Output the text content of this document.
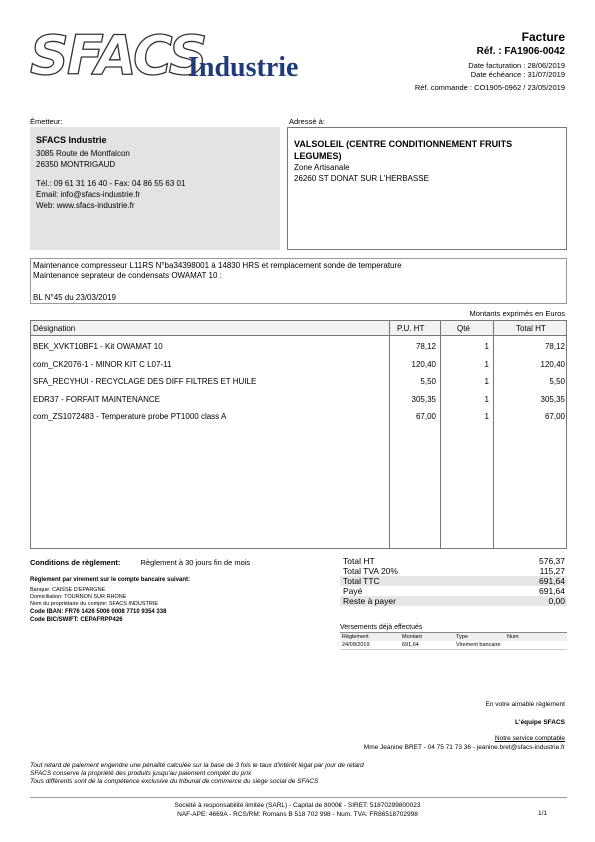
SFACS
Industrie
Facture
Réf. : FA1906-0042
Date facturation : 28/06/2019
Date échéance : 31/07/2019
Réf. commande : CO1905-0962 / 23/05/2019
Émetteur:	Adressé à:
SFACS Industrie
3085 Route de Montfalcon
26350 MONTRIGAUD
Tél.: 09 61 31 16 40 - Fax: 04 86 55 63 01
Email: info@sfacs-industrie.fr
Web: www.sfacs-industrie.fr
VALSOLEIL (CENTRE CONDITIONNEMENT FRUITS
LEGUMES)
Zone Artisanale
26260 ST DONAT SUR L'HERBASSE
Maintenance compresseur L11RS N°ba34398001 à 14830 HRS et remplacement sonde de temperature
Maintenance seprateur de condensats OWAMAT 10 :
BL N°45 du 23/03/2019
Montants exprimés en Euros
Désignation	P.U. HT	Qté	Total HT
BEK_XVKT10BF1 - Kit OWAMAT 10	78,12	1	78,12
com_CK2076-1 - MINOR KIT C L07-11	120,40	1	120,40
SFA_RECYHUI - RECYCLAGE DES DIFF FILTRES ET HUILE	5,50	1	5,50
EDR37 - FORFAIT MAINTENANCE	305,35	1	305,35
com_ZS1072483 - Temperature probe PT1000 class A	67,00	1	67,00
Conditions de règlement:	Règlement à 30 jours fin de mois
Règlement par virement sur le compte bancaire suivant:
Banque: CAISSE D'EPARGNE
Domiciliation: TOURNON SUR RHONE
Nom du propriétaire du compte: SFACS INDUSTRIE
Code IBAN: FR76 1426 5006 0008 7710 9354 338
Code BIC/SWIFT: CEPAFRPP426
Total HT	576,37
Total TVA 20%	115,27
Total TTC	691,64
Payé	691,64
Reste à payer	0,00
Versements déjà effectués
Règlement	Montant	Type	Num
24/09/2019	691,64	Virement bancaire
En votre aimable règlement
L'équipe SFACS
Notre service comptable
Mme Jeanine BRET - 04 75 71 73 36 - jeanine.bret@sfacs-industrie.fr
Tout retard de paiement engendre une pénalité calculée sur la base de 3 fois le taux d'intérêt légal par jour de retard
SFACS conserve la propriété des produits jusqu'au paiement complet du prix
Tous différents sont de la compétence exclusive du tribunal de commerce du siège social de SFACS
Société à responsabilité limitée (SARL) - Capital de 8000€ - SIRET: 51870299800023
NAF-APE: 4669A - RCS/RM: Romans B 518 702 998 - Num. TVA: FR86518702998	1/1
